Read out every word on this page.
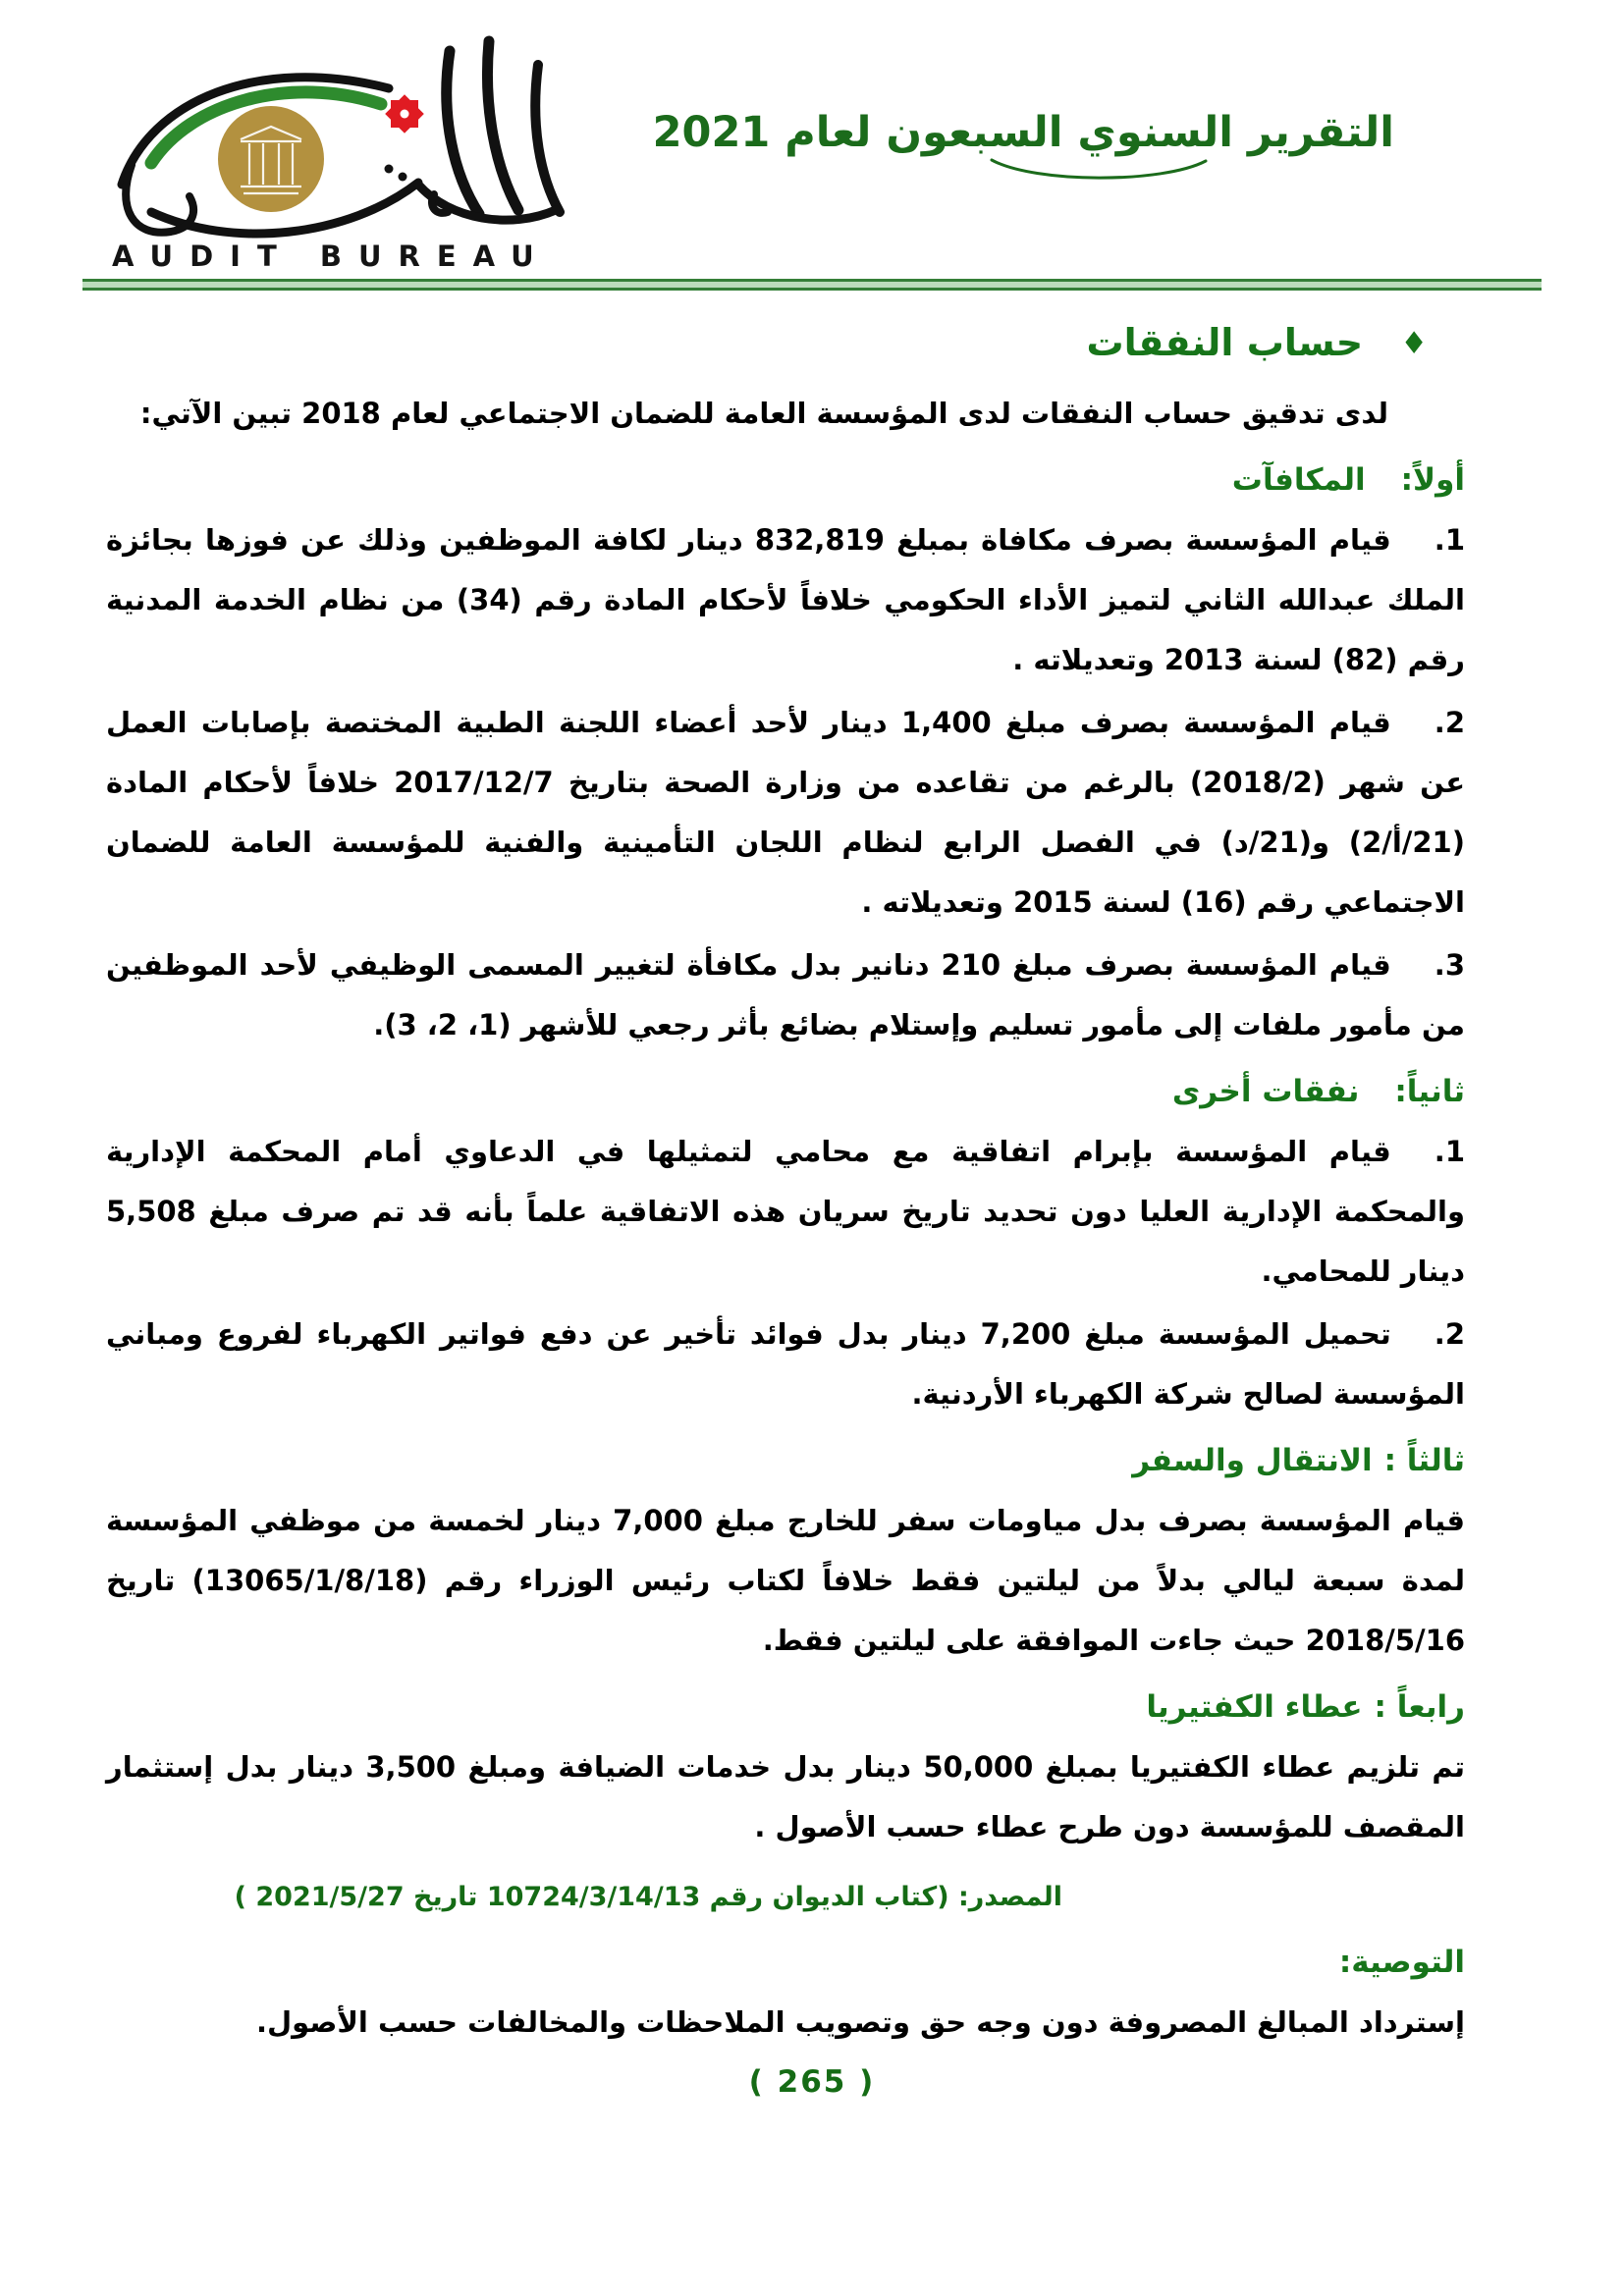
AUDIT BUREAU
التقرير السنوي السبعون لعام 2021
♦حساب النفقات

لدى تدقيق حساب النفقات لدى المؤسسة العامة للضمان الاجتماعي لعام 2018 تبين الآتي:

أولاً:المكافآت
1.
قيام المؤسسة بصرف مكافاة بمبلغ 832,819 دينار لكافة الموظفين وذلك عن فوزها بجائزة الملك عبدالله الثاني لتميز الأداء الحكومي خلافاً لأحكام المادة رقم (34) من نظام الخدمة المدنية رقم (82) لسنة 2013 وتعديلاته .
2.
قيام المؤسسة بصرف مبلغ 1,400 دينار لأحد أعضاء اللجنة الطبية المختصة بإصابات العمل عن شهر (2018/2) بالرغم من تقاعده من وزارة الصحة بتاريخ 2017/12/7 خلافاً لأحكام المادة (21/أ/2) و(21/د) في الفصل الرابع لنظام اللجان التأمينية والفنية للمؤسسة العامة للضمان الاجتماعي رقم (16) لسنة 2015 وتعديلاته .
3.
قيام المؤسسة بصرف مبلغ 210 دنانير بدل مكافأة لتغيير المسمى الوظيفي لأحد الموظفين من مأمور ملفات إلى مأمور تسليم وإستلام بضائع بأثر رجعي للأشهر (1، 2، 3).
ثانياً:نفقات أخرى
1.
قيام المؤسسة بإبرام اتفاقية مع محامي لتمثيلها في الدعاوي أمام المحكمة الإدارية والمحكمة الإدارية العليا دون تحديد تاريخ سريان هذه الاتفاقية علماً بأنه قد تم صرف مبلغ 5,508 دينار للمحامي.
2.
تحميل المؤسسة مبلغ 7,200 دينار بدل فوائد تأخير عن دفع فواتير الكهرباء لفروع ومباني المؤسسة لصالح شركة الكهرباء الأردنية.
ثالثاً :الانتقال والسفر

قيام المؤسسة بصرف بدل مياومات سفر للخارج مبلغ 7,000 دينار لخمسة من موظفي المؤسسة لمدة سبعة ليالي بدلاً من ليلتين فقط خلافاً لكتاب رئيس الوزراء رقم (13065/1/8/18) تاريخ 2018/5/16 حيث جاءت الموافقة على ليلتين فقط.

رابعاً :عطاء الكفتيريا

تم تلزيم عطاء الكفتيريا بمبلغ 50,000 دينار بدل خدمات الضيافة ومبلغ 3,500 دينار بدل إستثمار المقصف للمؤسسة دون طرح عطاء حسب الأصول .

المصدر: (كتاب الديوان رقم 10724/3/14/13 تاريخ 2021/5/27 )

التوصية:

إسترداد المبالغ المصروفة دون وجه حق وتصويب الملاحظات والمخالفات حسب الأصول.

( 265 )
